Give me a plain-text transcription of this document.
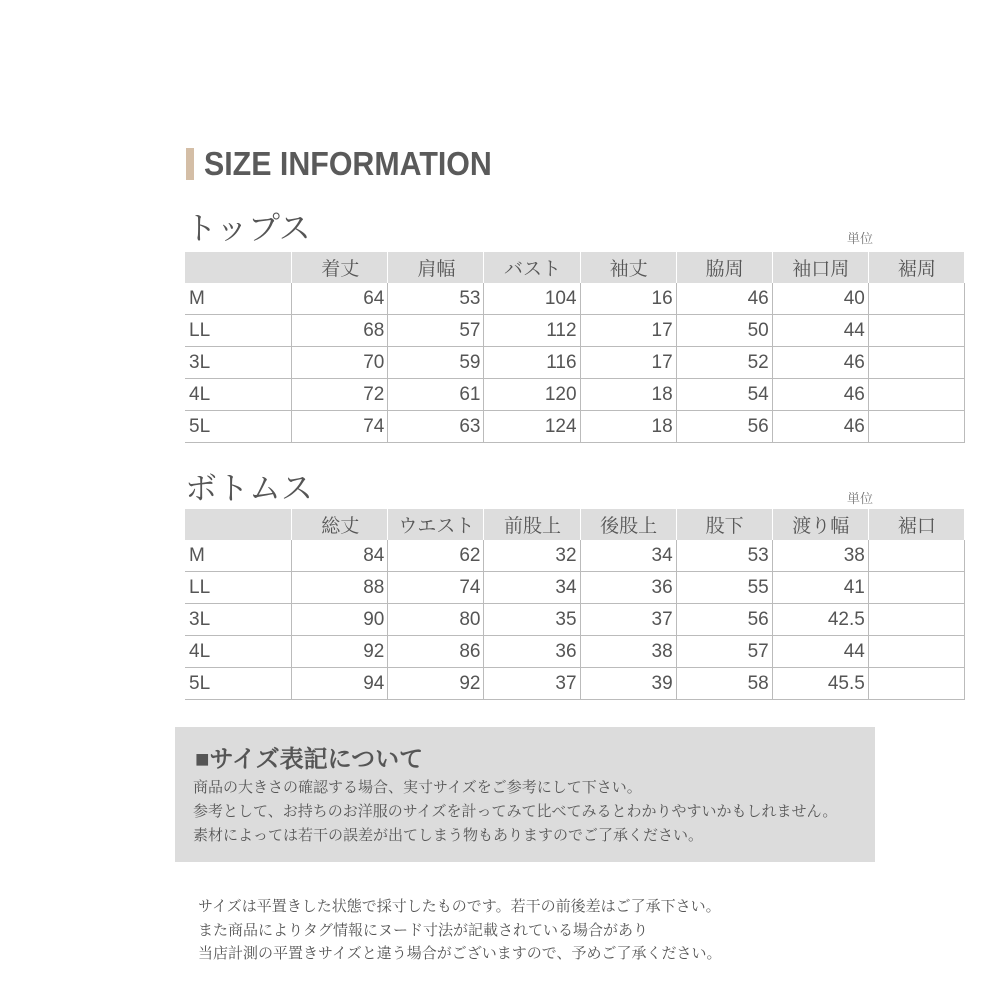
SIZE INFORMATION
トップス	単位
	着丈	肩幅	バスト	袖丈	脇周	袖口周	裾周
M	64	53	104	16	46	40	
LL	68	57	112	17	50	44	
3L	70	59	116	17	52	46	
4L	72	61	120	18	54	46	
5L	74	63	124	18	56	46	
ボトムス	単位
	総丈	ウエスト	前股上	後股上	股下	渡り幅	裾口
M	84	62	32	34	53	38	
LL	88	74	34	36	55	41	
3L	90	80	35	37	56	42.5	
4L	92	86	36	38	57	44	
5L	94	92	37	39	58	45.5	
■サイズ表記について

商品の大きさの確認する場合、実寸サイズをご参考にして下さい。

参考として、お持ちのお洋服のサイズを計ってみて比べてみるとわかりやすいかもしれません。

素材によっては若干の誤差が出てしまう物もありますのでご了承ください。

サイズは平置きした状態で採寸したものです。若干の前後差はご了承下さい。

また商品によりタグ情報にヌード寸法が記載されている場合があり

当店計測の平置きサイズと違う場合がございますので、予めご了承ください。
